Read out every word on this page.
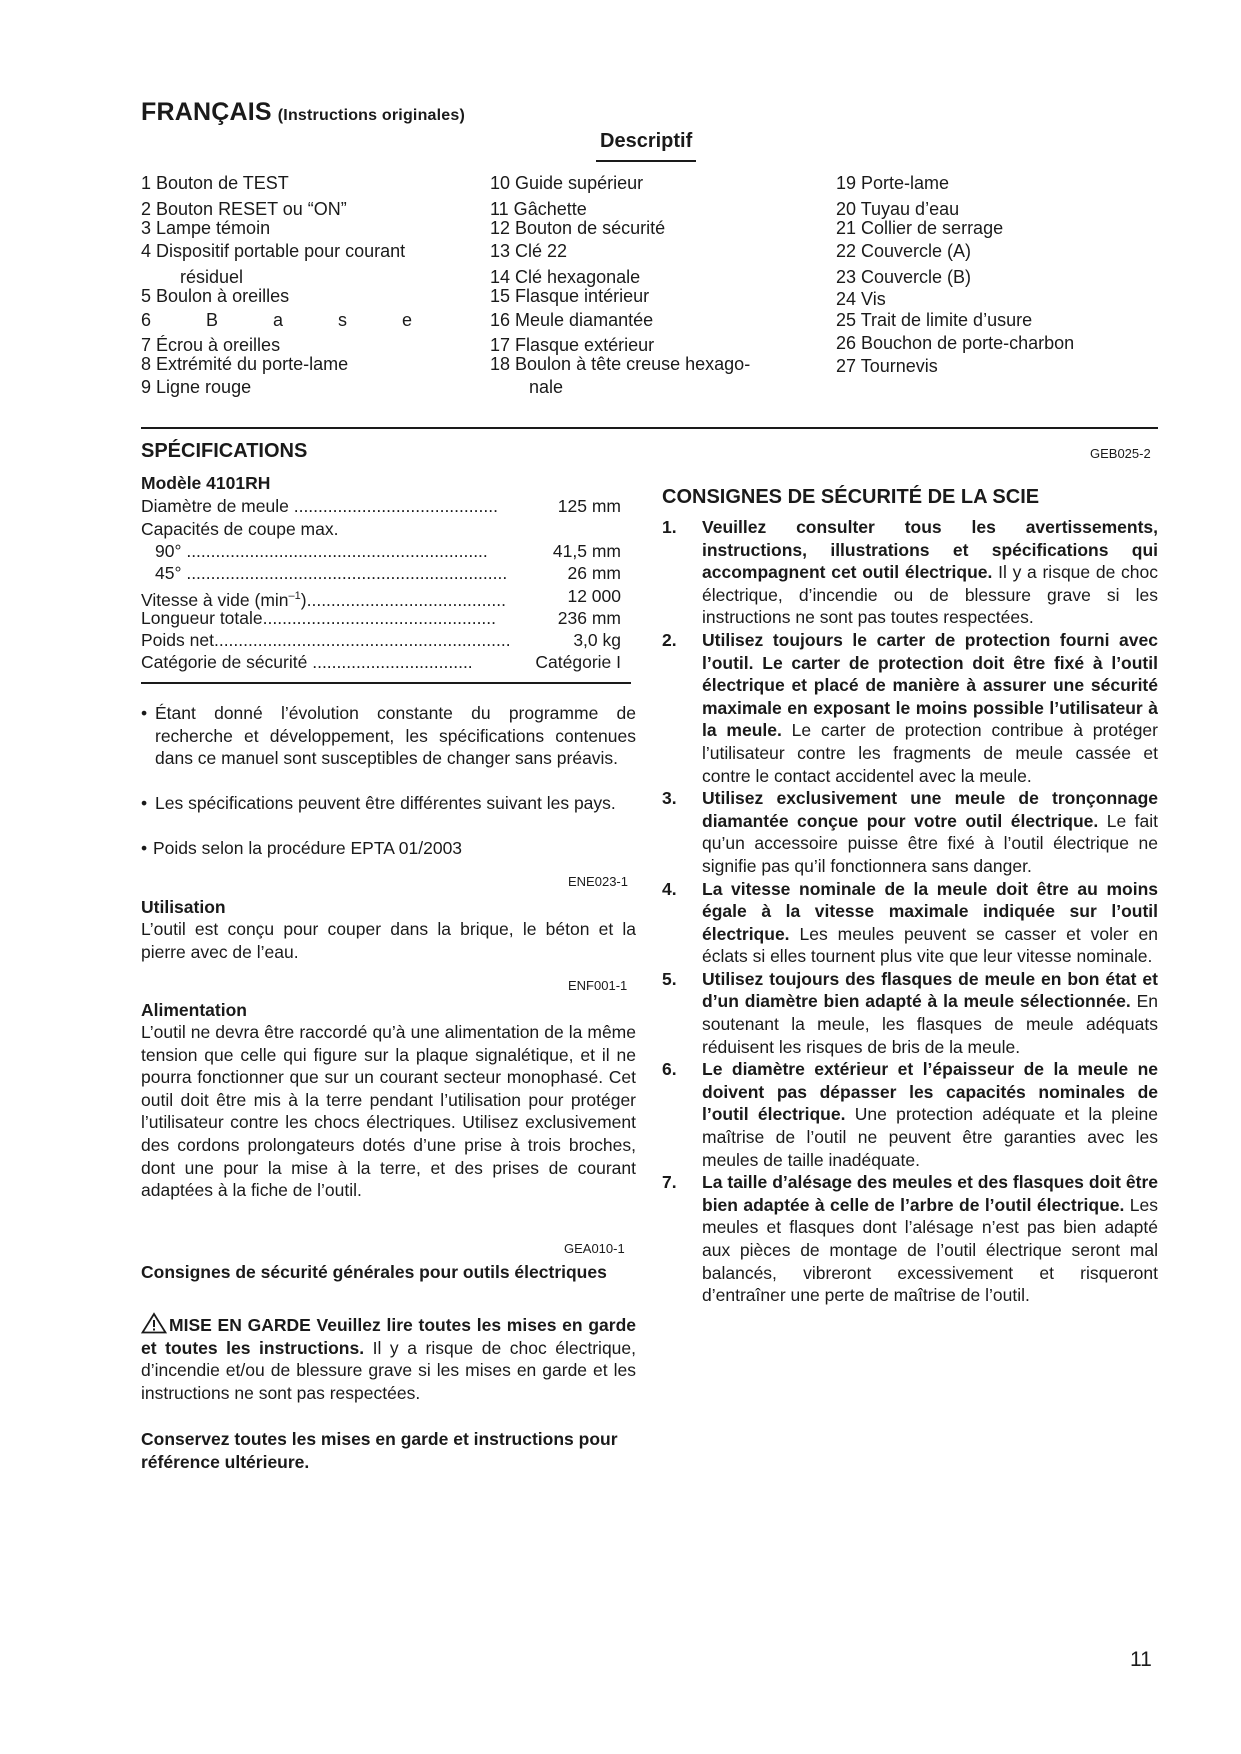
FRANÇAIS (Instructions originales)
Descriptif
1 Bouton de TEST
2 Bouton RESET ou “ON”
3 Lampe témoin
4 Dispositif portable pour courant
résiduel
5 Boulon à oreilles
6 B a s e
7 Écrou à oreilles
8 Extrémité du porte-lame
9 Ligne rouge
10 Guide supérieur
11 Gâchette
12 Bouton de sécurité
13 Clé 22
14 Clé hexagonale
15 Flasque intérieur
16 Meule diamantée
17 Flasque extérieur
18 Boulon à tête creuse hexago-
nale
19 Porte-lame
20 Tuyau d’eau
21 Collier de serrage
22 Couvercle (A)
23 Couvercle (B)
24 Vis
25 Trait de limite d’usure
26 Bouchon de porte-charbon
27 Tournevis
SPÉCIFICATIONS	GEB025-2
Modèle 4101RH
Diamètre de meule ..........................................	125 mm
Capacités de coupe max.
90° ..............................................................	41,5 mm
45° ..................................................................	26 mm
Vitesse à vide $(\min^{-1})$.........................................	12 000
Longueur totale................................................	236 mm
Poids net.............................................................	3,0 kg
Catégorie de sécurité .................................	Catégorie I
• Étant donné l’évolution constante du programme de recherche et développement, les spécifications contenues dans ce manuel sont susceptibles de changer sans préavis.
• Les spécifications peuvent être différentes suivant les pays.
• Poids selon la procédure EPTA 01/2003
ENE023-1
Utilisation
L’outil est conçu pour couper dans la brique, le béton et la pierre avec de l’eau.
ENF001-1
Alimentation
L’outil ne devra être raccordé qu’à une alimentation de la même tension que celle qui figure sur la plaque signalétique, et il ne pourra fonctionner que sur un courant secteur monophasé. Cet outil doit être mis à la terre pendant l’utilisation pour protéger l’utilisateur contre les chocs électriques. Utilisez exclusivement des cordons prolongateurs dotés d’une prise à trois broches, dont une pour la mise à la terre, et des prises de courant adaptées à la fiche de l’outil.
GEA010-1
Consignes de sécurité générales pour outils électriques
MISE EN GARDE Veuillez lire toutes les mises en garde et toutes les instructions. Il y a risque de choc électrique, d’incendie et/ou de blessure grave si les mises en garde et les instructions ne sont pas respectées.
Conservez toutes les mises en garde et instructions pour référence ultérieure.
CONSIGNES DE SÉCURITÉ DE LA SCIE
1. Veuillez consulter tous les avertissements, instructions, illustrations et spécifications qui accompagnent cet outil électrique. Il y a risque de choc électrique, d’incendie ou de blessure grave si les instructions ne sont pas toutes respectées.
2. Utilisez toujours le carter de protection fourni avec l’outil. Le carter de protection doit être fixé à l’outil électrique et placé de manière à assurer une sécurité maximale en exposant le moins possible l’utilisateur à la meule. Le carter de protection contribue à protéger l’utilisateur contre les fragments de meule cassée et contre le contact accidentel avec la meule.
3. Utilisez exclusivement une meule de tronçonnage diamantée conçue pour votre outil électrique. Le fait qu’un accessoire puisse être fixé à l’outil électrique ne signifie pas qu’il fonctionnera sans danger.
4. La vitesse nominale de la meule doit être au moins égale à la vitesse maximale indiquée sur l’outil électrique. Les meules peuvent se casser et voler en éclats si elles tournent plus vite que leur vitesse nominale.
5. Utilisez toujours des flasques de meule en bon état et d’un diamètre bien adapté à la meule sélectionnée. En soutenant la meule, les flasques de meule adéquats réduisent les risques de bris de la meule.
6. Le diamètre extérieur et l’épaisseur de la meule ne doivent pas dépasser les capacités nominales de l’outil électrique. Une protection adéquate et la pleine maîtrise de l’outil ne peuvent être garanties avec les meules de taille inadéquate.
7. La taille d’alésage des meules et des flasques doit être bien adaptée à celle de l’arbre de l’outil électrique. Les meules et flasques dont l’alésage n’est pas bien adapté aux pièces de montage de l’outil électrique seront mal balancés, vibreront excessivement et risqueront d’entraîner une perte de maîtrise de l’outil.
11
